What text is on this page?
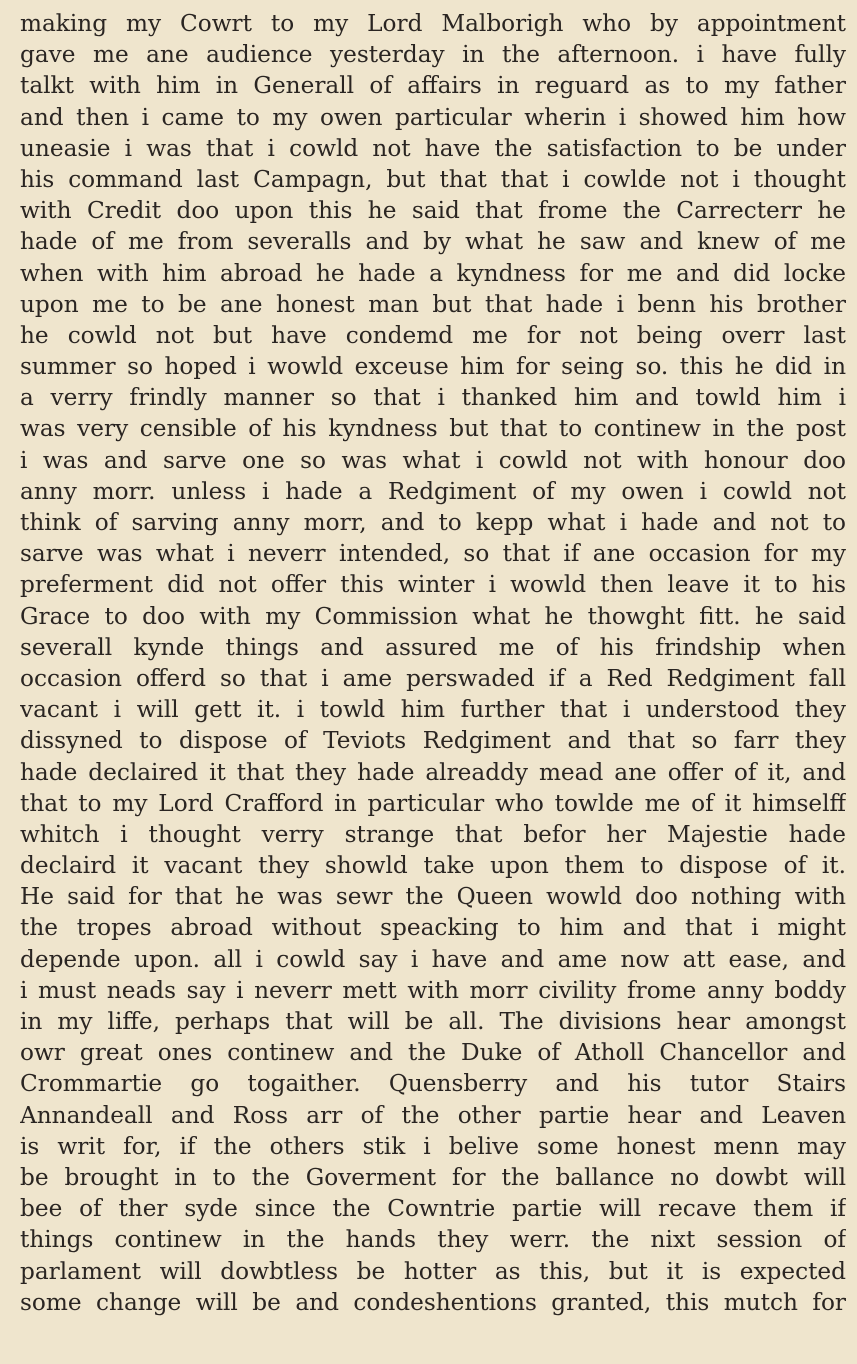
making my Cowrt to my Lord Malborigh who by appointment
gave me ane audience yesterday in the afternoon. i have fully
talkt with him in Generall of affairs in reguard as to my father
and then i came to my owen particular wherin i showed him how
uneasie i was that i cowld not have the satisfaction to be under
his command last Campagn, but that that i cowlde not i thought
with Credit doo upon this he said that frome the Carrecterr he
hade of me from severalls and by what he saw and knew of me
when with him abroad he hade a kyndness for me and did locke
upon me to be ane honest man but that hade i benn his brother
he cowld not but have condemd me for not being overr last
summer so hoped i wowld exceuse him for seing so. this he did in
a verry frindly manner so that i thanked him and towld him i
was very censible of his kyndness but that to continew in the post
i was and sarve one so was what i cowld not with honour doo
anny morr. unless i hade a Redgiment of my owen i cowld not
think of sarving anny morr, and to kepp what i hade and not to
sarve was what i neverr intended, so that if ane occasion for my
preferment did not offer this winter i wowld then leave it to his
Grace to doo with my Commission what he thowght fitt. he said
severall kynde things and assured me of his frindship when
occasion offerd so that i ame perswaded if a Red Redgiment fall
vacant i will gett it. i towld him further that i understood they
dissyned to dispose of Teviots Redgiment and that so farr they
hade declaired it that they hade alreaddy mead ane offer of it, and
that to my Lord Crafford in particular who towlde me of it himselff
whitch i thought verry strange that befor her Majestie hade
declaird it vacant they showld take upon them to dispose of it.
He said for that he was sewr the Queen wowld doo nothing with
the tropes abroad without speacking to him and that i might
depende upon. all i cowld say i have and ame now att ease, and
i must neads say i neverr mett with morr civility frome anny boddy
in my liffe, perhaps that will be all. The divisions hear amongst
owr great ones continew and the Duke of Atholl Chancellor and
Crommartie go togaither. Quensberry and his tutor Stairs
Annandeall and Ross arr of the other partie hear and Leaven
is writ for, if the others stik i belive some honest menn may
be brought in to the Goverment for the ballance no dowbt will
bee of ther syde since the Cowntrie partie will recave them if
things continew in the hands they werr. the nixt session of
parlament will dowbtless be hotter as this, but it is expected
some change will be and condeshentions granted, this mutch for
